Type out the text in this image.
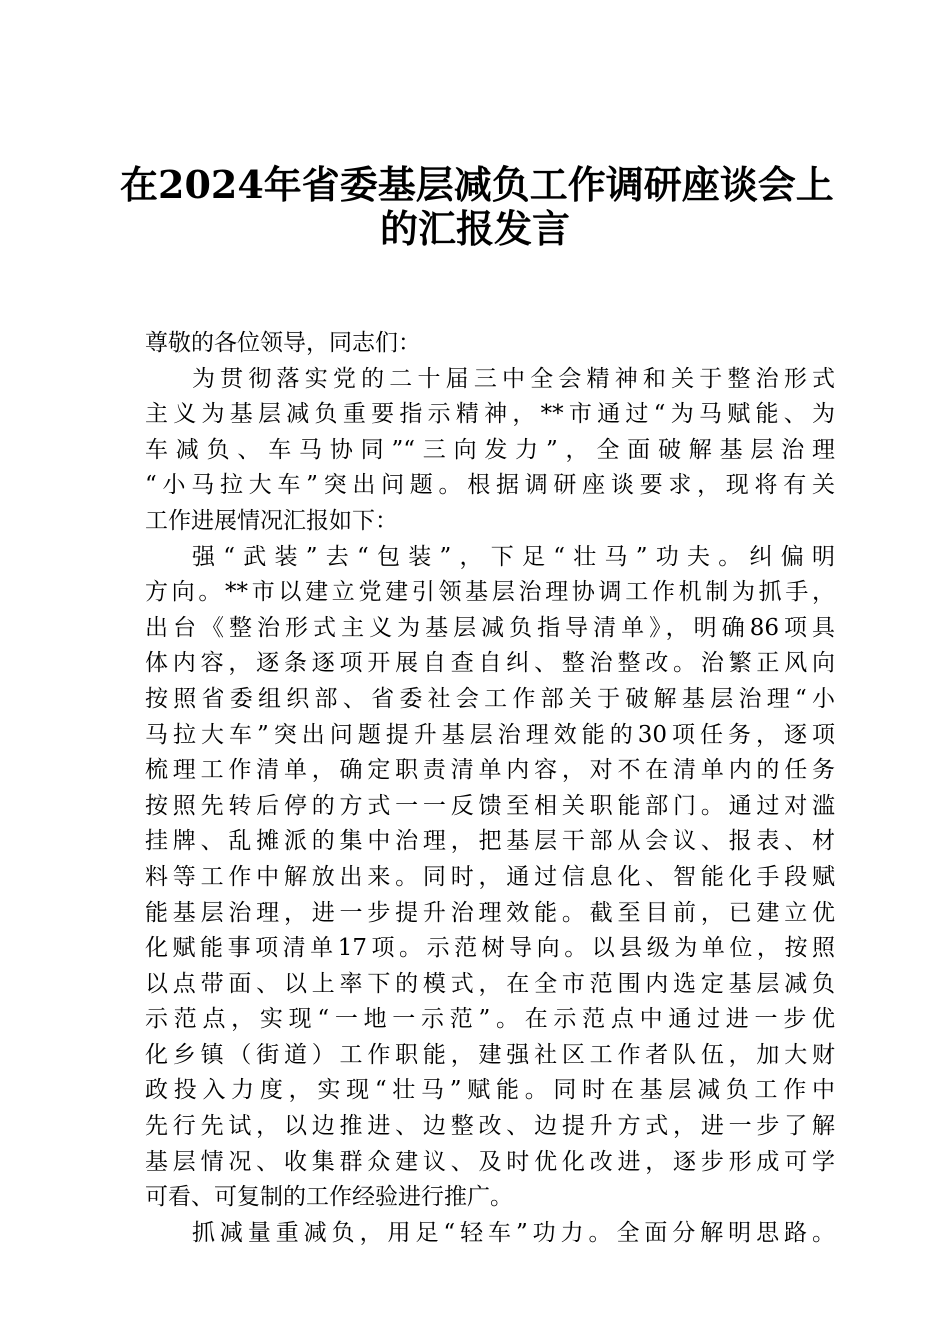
在2024年省委基层减负工作调研座谈会上
的汇报发言
尊敬的各位领导，同志们：
为贯彻落实党的二十届三中全会精神和关于整治形式
主义为基层减负重要指示精神，**市通过“为马赋能、为
车减负、车马协同”“三向发力”，全面破解基层治理
“小马拉大车”突出问题。根据调研座谈要求，现将有关
工作进展情况汇报如下：
强“武装”去“包装”，下足“壮马”功夫。纠偏明
方向。**市以建立党建引领基层治理协调工作机制为抓手，
出台《整治形式主义为基层减负指导清单》，明确86项具
体内容，逐条逐项开展自查自纠、整治整改。治繁正风向
按照省委组织部、省委社会工作部关于破解基层治理“小
马拉大车”突出问题提升基层治理效能的30项任务，逐项
梳理工作清单，确定职责清单内容，对不在清单内的任务
按照先转后停的方式一一反馈至相关职能部门。通过对滥
挂牌、乱摊派的集中治理，把基层干部从会议、报表、材
料等工作中解放出来。同时，通过信息化、智能化手段赋
能基层治理，进一步提升治理效能。截至目前，已建立优
化赋能事项清单17项。示范树导向。以县级为单位，按照
以点带面、以上率下的模式，在全市范围内选定基层减负
示范点，实现“一地一示范”。在示范点中通过进一步优
化乡镇（街道）工作职能，建强社区工作者队伍，加大财
政投入力度，实现“壮马”赋能。同时在基层减负工作中
先行先试，以边推进、边整改、边提升方式，进一步了解
基层情况、收集群众建议、及时优化改进，逐步形成可学
可看、可复制的工作经验进行推广。
抓减量重减负，用足“轻车”功力。全面分解明思路。
